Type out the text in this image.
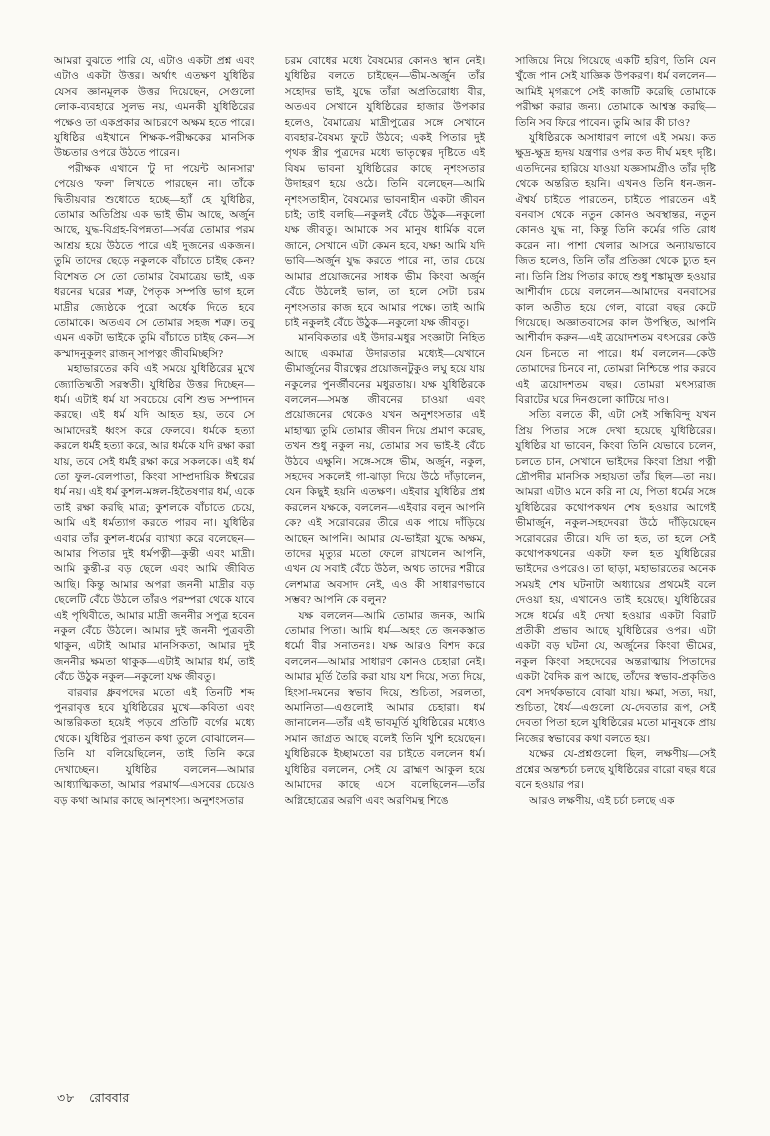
আমরা বুঝতে পারি যে, এটাও একটা প্রশ্ন এবং এটাও একটা উত্তর। অর্থাৎ এতক্ষণ যুধিষ্ঠির যেসব জ্ঞানমূলক উত্তর দিয়েছেন, সেগুলো লোক-ব্যবহারে সুলভ নয়, এমনকী যুধিষ্ঠিরের পক্ষেও তা একপ্রকার আচরণে অক্ষম হতে পারে। যুধিষ্ঠির এইখানে শিক্ষক-পরীক্ষকের মানসিক উচ্চতার ওপরে উঠতে পারেন।

পরীক্ষক এখানে 'টু দা পয়েন্ট আনসার' পেয়েও 'ফল' লিখতে পারছেন না। তাঁকে দ্বিতীয়বার শুধোতে হচ্ছে—হ্যাঁ হে যুধিষ্ঠির, তোমার অতিপ্রিয় এক ভাই ভীম আছে, অর্জুন আছে, যুদ্ধ-বিগ্রহ-বিপন্নতা—সর্বত্র তোমার পরম আশ্রয় হয়ে উঠতে পারে এই দুজনের একজন। তুমি তাদের ছেড়ে নকুলকে বাঁচাতে চাইছ কেন? বিশেষত সে তো তোমার বৈমাত্রেয় ভাই, এক ধরনের ঘরের শত্রু, পৈতৃক সম্পত্তি ভাগ হলে মাদ্রীর জ্যেষ্ঠকে পুরো অর্ধেক দিতে হবে তোমাকে। অতএব সে তোমার সহজ শত্রু। তবু এমন একটা ভাইকে তুমি বাঁচাতে চাইছ কেন—স কস্মাদনুকূলং রাজন্ সাপত্নং জীবমিচ্ছসি?

মহাভারতের কবি এই সময়ে যুধিষ্ঠিরের মুখে জ্যোতিষ্মতী সরস্বতী। যুধিষ্ঠির উত্তর দিচ্ছেন—ধর্ম। এটাই ধর্ম যা সবচেয়ে বেশি শুভ সম্পাদন করছে। এই ধর্ম যদি আহত হয়, তবে সে আমাদেরই ধ্বংস করে ফেলবে। ধর্মকে হত্যা করলে ধর্মই হত্যা করে, আর ধর্মকে যদি রক্ষা করা যায়, তবে সেই ধর্মই রক্ষা করে সকলকে। এই ধর্ম তো ফুল-বেলপাতা, কিংবা সাম্প্রদায়িক ঈশ্বরের ধর্ম নয়। এই ধর্ম কুশল-মঙ্গল-হিতৈষণার ধর্ম, একে তাই রক্ষা করছি মাত্র; কুশলকে বাঁচাতে চেয়ে, আমি এই ধর্মত্যাগ করতে পারব না। যুধিষ্ঠির এবার তাঁর কুশল-ধর্মের ব্যাখ্যা করে বলেছেন—আমার পিতার দুই ধর্মপত্নী—কুন্তী এবং মাদ্রী। আমি কুন্তী-র বড় ছেলে এবং আমি জীবিত আছি। কিন্তু আমার অপরা জননী মাদ্রীর বড় ছেলেটি বেঁচে উঠলে তাঁরও পরম্পরা থেকে যাবে এই পৃথিবীতে, আমার মাদ্রী জননীর সপুত্র হবেন নকুল বেঁচে উঠলে। আমার দুই জননী পুত্রবতী থাকুন, এটাই আমার মানসিকতা, আমার দুই জননীর ক্ষমতা থাকুক—এটাই আমার ধর্ম, তাই বেঁচে উঠুক নকুল—নকুলো যক্ষ জীবতু।

বারবার ধ্রুবপদের মতো এই তিনটি শব্দ পুনরাবৃত্ত হবে যুধিষ্ঠিরের মুখে—কবিতা এবং আন্তরিকতা হয়েই পড়বে প্রতিটি বর্গের মধ্যে থেকে। যুধিষ্ঠির পুরাতন কথা তুলে বোঝালেন—তিনি যা বলিয়েছিলেন, তাই তিনি করে দেখাচ্ছেন। যুধিষ্ঠির বললেন—আমার আধ্যাত্মিকতা, আমার পরমার্থ—এসবের চেয়েও বড় কথা আমার কাছে আনৃশংস্য। অনুশংসতার

চরম বোধের মধ্যে বৈষম্যের কোনও স্থান নেই। যুধিষ্ঠির বলতে চাইছেন—ভীম-অর্জুন তাঁর সহোদর ভাই, যুদ্ধে তাঁরা অপ্রতিরোধ্য বীর, অতএব সেখানে যুধিষ্ঠিরের হাজার উপকার হলেও, বৈমাত্রেয় মাদ্রীপুত্রের সঙ্গে সেখানে ব্যবহার-বৈষম্য ফুটে উঠবে; একই পিতার দুই পৃথক স্ত্রীর পুত্রদের মধ্যে ভাতৃত্বের দৃষ্টিতে এই বিষম ভাবনা যুধিষ্ঠিরের কাছে নৃশংসতার উদাহরণ হয়ে ওঠে। তিনি বলেছেন—আমি নৃশংসতাহীন, বৈষম্যের ভাবনাহীন একটা জীবন চাই; তাই বলছি—নকুলই বেঁচে উঠুক—নকুলো যক্ষ জীবতু। আমাকে সব মানুষ ধার্মিক বলে জানে, সেখানে এটা কেমন হবে, যক্ষ! আমি যদি ভাবি—অর্জুন যুদ্ধ করতে পারে না, তার চেয়ে আমার প্রয়োজনের সাধক ভীম কিংবা অর্জুন বেঁচে উঠলেই ভাল, তা হলে সেটা চরম নৃশংসতার কাজ হবে আমার পক্ষে। তাই আমি চাই নকুলই বেঁচে উঠুক—নকুলো যক্ষ জীবতু।

মানবিকতার এই উদার-মধুর সংজ্ঞাটা নিহিত আছে একমাত্র উদারতার মধ্যেই—যেখানে ভীমার্জুনের বীরত্বের প্রয়োজনটুকুও লঘু হয়ে যায় নকুলের পুনর্জীবনের মধুরতায়। যক্ষ যুধিষ্ঠিরকে বললেন—সমস্ত জীবনের চাওয়া এবং প্রয়োজনের থেকেও যখন অনুশংসতার এই মাহাত্ম্য তুমি তোমার জীবন দিয়ে প্রমাণ করেছ, তখন শুধু নকুল নয়, তোমার সব ভাই-ই বেঁচে উঠবে এক্ষুনি। সঙ্গে-সঙ্গে ভীম, অর্জুন, নকুল, সহদেব সকলেই গা-ঝাড়া দিয়ে উঠে দাঁড়ালেন, যেন কিছুই হয়নি এতক্ষণ। এইবার যুধিষ্ঠির প্রশ্ন করলেন যক্ষকে, বললেন—এইবার বলুন আপনি কে? এই সরোবরের তীরে এক পায়ে দাঁড়িয়ে আছেন আপনি। আমার যে-ভাইরা যুদ্ধে অক্ষম, তাদের মৃত্যুর মতো ফেলে রাখলেন আপনি, এখন যে সবাই বেঁচে উঠল, অথচ তাদের শরীরে লেশমাত্র অবসাদ নেই, এও কী সাধারণভাবে সম্ভব? আপনি কে বলুন?

যক্ষ বললেন—আমি তোমার জনক, আমি তোমার পিতা। আমি ধর্ম—অহং তে জনকস্তাত ধর্মো বীর সনাতনঃ। যক্ষ আরও বিশদ করে বললেন—আমার সাধারণ কোনও চেহারা নেই। আমার মূর্তি তৈরি করা যায় যশ দিয়ে, সত্য দিয়ে, হিংসা-দমনের স্বভাব দিয়ে, শুচিতা, সরলতা, অমানিতা—এগুলোই আমার চেহারা। ধর্ম জানালেন—তাঁর এই ভাবমূর্তি যুধিষ্ঠিরের মধ্যেও সমান জাগ্রত আছে বলেই তিনি খুশি হয়েছেন। যুধিষ্ঠিরকে ইচ্ছামতো বর চাইতে বললেন ধর্ম। যুধিষ্ঠির বললেন, সেই যে ব্রাহ্মণ আকুল হয়ে আমাদের কাছে এসে বলেছিলেন—তাঁর অগ্নিহোত্রের অরণি এবং অরণিমন্থ শিঙে

সাজিয়ে নিয়ে গিয়েছে একটি হরিণ, তিনি যেন খুঁজে পান সেই যাজ্ঞিক উপকরণ। ধর্ম বললেন—আমিই মৃগরূপে সেই কাজটি করেছি তোমাকে পরীক্ষা করার জন্য। তোমাকে আশ্বস্ত করছি—তিনি সব ফিরে পাবেন। তুমি আর কী চাও?

যুধিষ্ঠিরকে অসাধারণ লাগে এই সময়। কত ক্ষুদ্র-ক্ষুদ্র হৃদয় যন্ত্রণার ওপর কত দীর্ঘ মহৎ দৃষ্টি। এতদিনের হারিয়ে যাওয়া যজ্ঞসামগ্রীও তাঁর দৃষ্টি থেকে অন্তরিত হয়নি। এখনও তিনি ধন-জন-ঐশ্বর্য চাইতে পারতেন, চাইতে পারতেন এই বনবাস থেকে নতুন কোনও অবস্থান্তর, নতুন কোনও যুদ্ধ না, কিন্তু তিনি কর্মের গতি রোধ করেন না। পাশা খেলার আসরে অন্যায়ভাবে জিত হলেও, তিনি তাঁর প্রতিজ্ঞা থেকে চ্যুত হন না। তিনি প্রিয় পিতার কাছে শুধু শঙ্কামুক্ত হওয়ার আশীর্বাদ চেয়ে বললেন—আমাদের বনবাসের কাল অতীত হয়ে গেল, বারো বছর কেটে গিয়েছে। অজ্ঞাতবাসের কাল উপস্থিত, আপনি আশীর্বাদ করুন—এই ত্রয়োদশতম বৎসরের কেউ যেন চিনতে না পারে। ধর্ম বললেন—কেউ তোমাদের চিনবে না, তোমরা নিশ্চিন্তে পার করবে এই ত্রয়োদশতম বছর। তোমরা মৎস্যরাজ বিরাটের ঘরে দিনগুলো কাটিয়ে দাও।

সত্যি বলতে কী, এটা সেই সন্ধিবিন্দু যখন প্রিয় পিতার সঙ্গে দেখা হয়েছে যুধিষ্ঠিরের। যুধিষ্ঠির যা ভাবেন, কিংবা তিনি যেভাবে চলেন, চলতে চান, সেখানে ভাইদের কিংবা প্রিয়া পত্নী দ্রৌপদীর মানসিক সহায়তা তাঁর ছিল—তা নয়। আমরা এটাও মনে করি না যে, পিতা ধর্মের সঙ্গে যুধিষ্ঠিরের কথোপকথন শেষ হওয়ার আগেই ভীমার্জুন, নকুল-সহদেবরা উঠে দাঁড়িয়েছেন সরোবরের তীরে। যদি তা হত, তা হলে সেই কথোপকথনের একটা ফল হত যুধিষ্ঠিরের ভাইদের ওপরেও। তা ছাড়া, মহাভারতের অনেক সময়ই শেষ ঘটনাটা অধ্যায়ের প্রথমেই বলে দেওয়া হয়, এখানেও তাই হয়েছে। যুধিষ্ঠিরের সঙ্গে ধর্মের এই দেখা হওয়ার একটা বিরাট প্রতীকী প্রভাব আছে যুধিষ্ঠিরের ওপর। এটা একটা বড় ঘটনা যে, অর্জুনের কিংবা ভীমের, নকুল কিংবা সহদেবের অন্তরাত্মায় পিতাদের একটা বৈদিক রূপ আছে, তাঁদের স্বভাব-প্রকৃতিও বেশ সদর্থকভাবে বোঝা যায়। ক্ষমা, সত্য, দয়া, শুচিতা, ধৈর্য—এগুলো যে-দেবতার রূপ, সেই দেবতা পিতা হলে যুধিষ্ঠিরের মতো মানুষকে প্রায় নিজের স্বভাবের কথা বলতে হয়।

যক্ষের যে-প্রশ্নগুলো ছিল, লক্ষণীয়—সেই প্রশ্নের অন্তশ্চর্চা চলছে যুধিষ্ঠিরের বারো বছর ধরে বনে হওয়ার পর।

আরও লক্ষণীয়, এই চর্চা চলছে এক

৩৮ রোববার
